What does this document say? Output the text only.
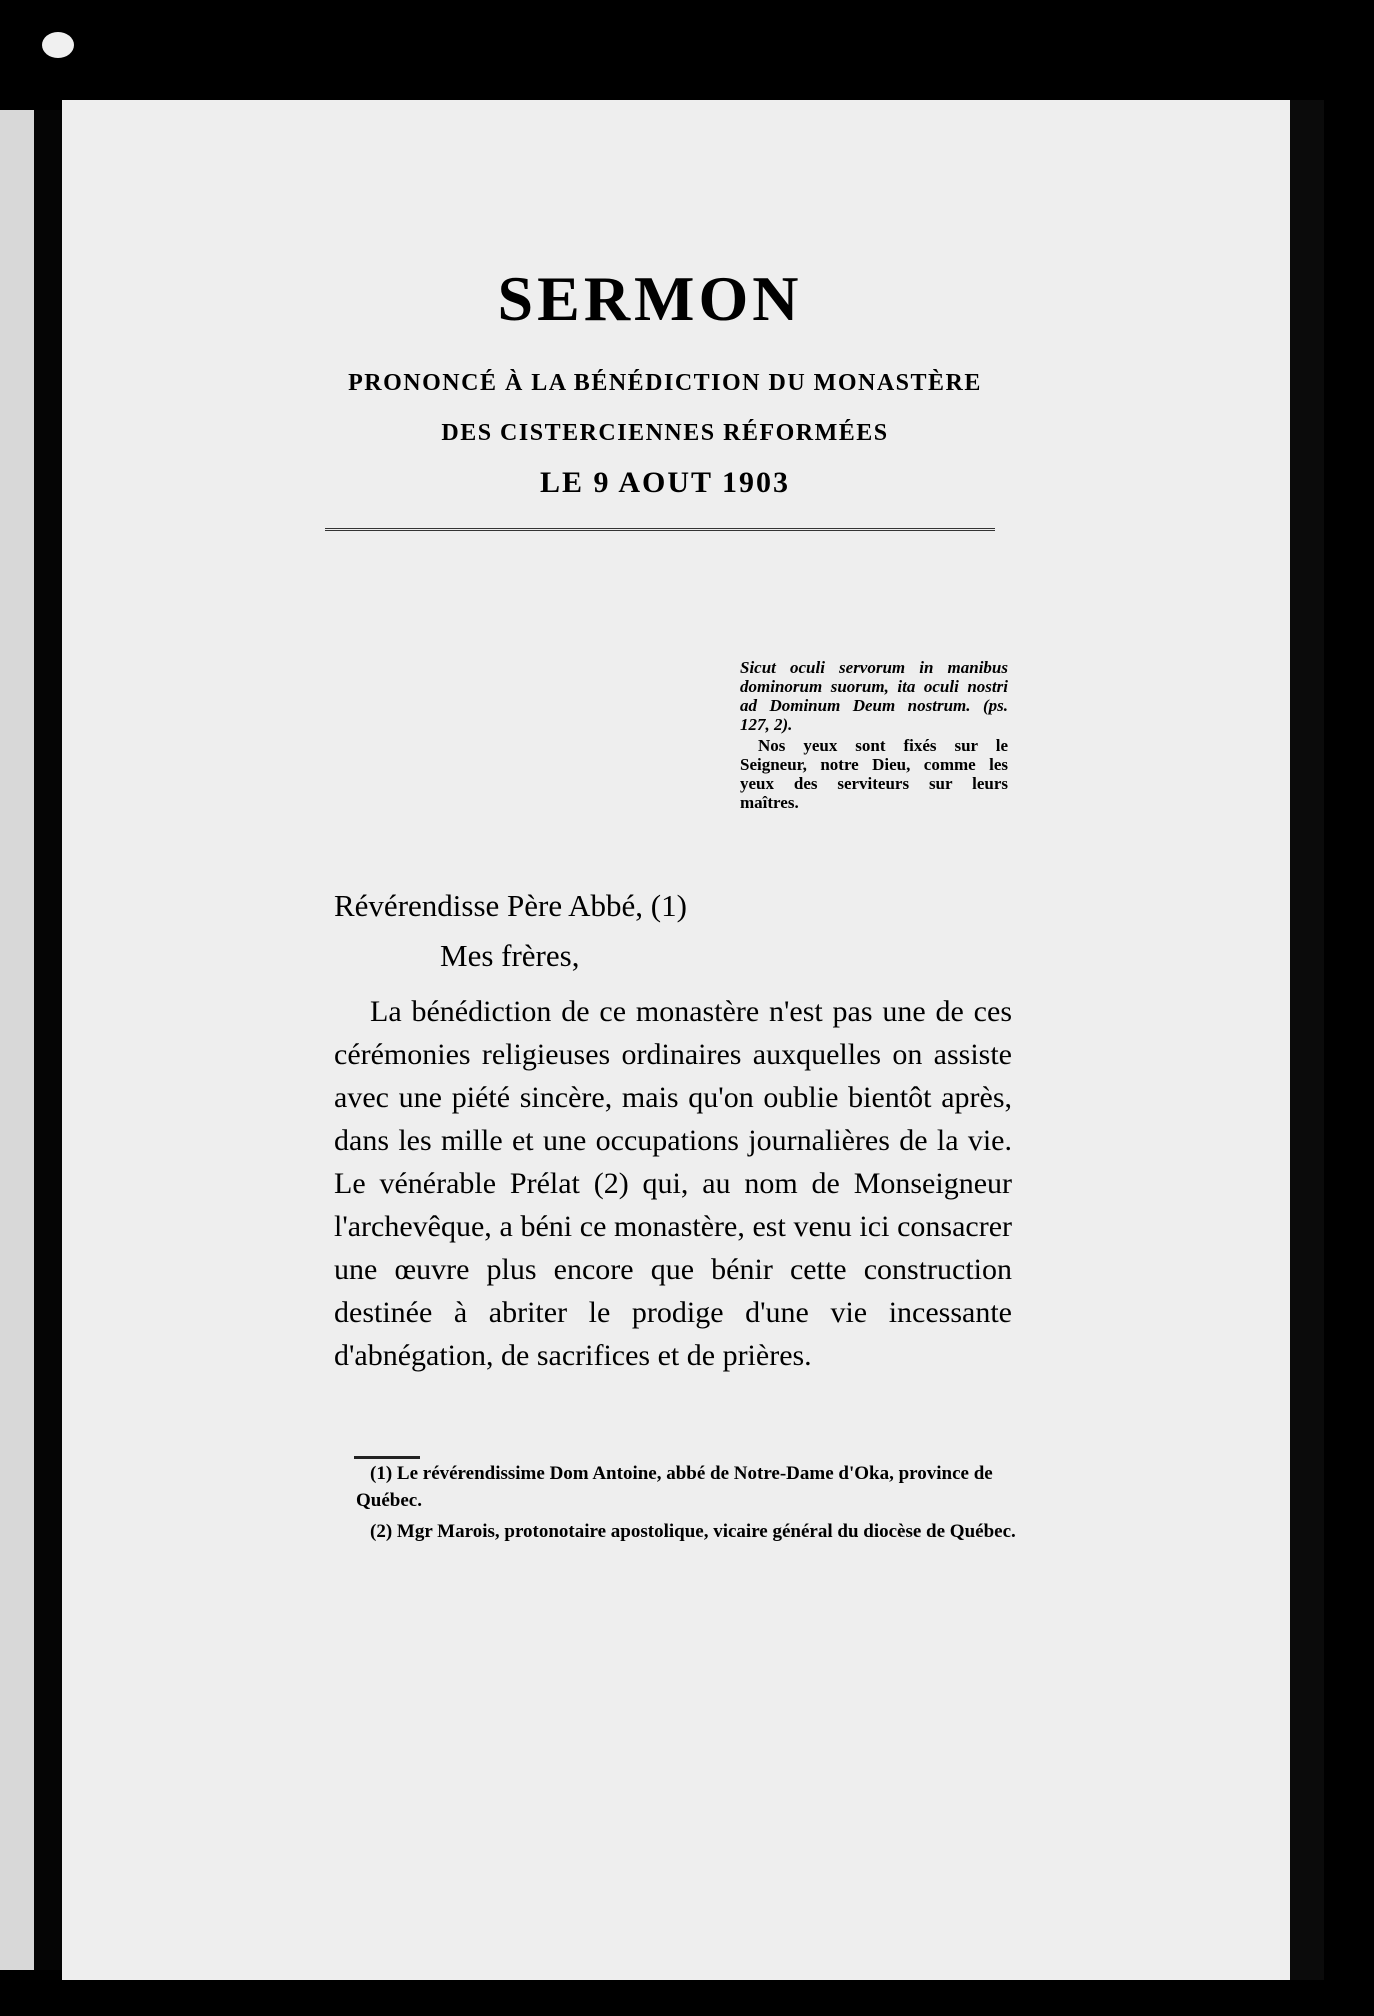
SERMON

PRONONCÉ À LA BÉNÉDICTION DU MONASTÈRE

DES CISTERCIENNES RÉFORMÉES

LE 9 AOUT 1903

Sicut oculi servorum in manibus dominorum suorum, ita oculi nostri ad Dominum Deum nostrum. (ps. 127, 2).

Nos yeux sont fixés sur le Seigneur, notre Dieu, comme les yeux des serviteurs sur leurs maîtres.

Révérendisse Père Abbé, (1)

Mes frères,

La bénédiction de ce monastère n'est pas une de ces cérémonies religieuses ordinaires auxquelles on assiste avec une piété sincère, mais qu'on oublie bientôt après, dans les mille et une occupations journalières de la vie. Le vénérable Prélat (2) qui, au nom de Monseigneur l'archevêque, a béni ce monastère, est venu ici consacrer une œuvre plus encore que bénir cette construction destinée à abriter le prodige d'une vie incessante d'abnégation, de sacrifices et de prières.

(1) Le révérendissime Dom Antoine, abbé de Notre-Dame d'Oka, province de Québec.

(2) Mgr Marois, protonotaire apostolique, vicaire général du diocèse de Québec.
